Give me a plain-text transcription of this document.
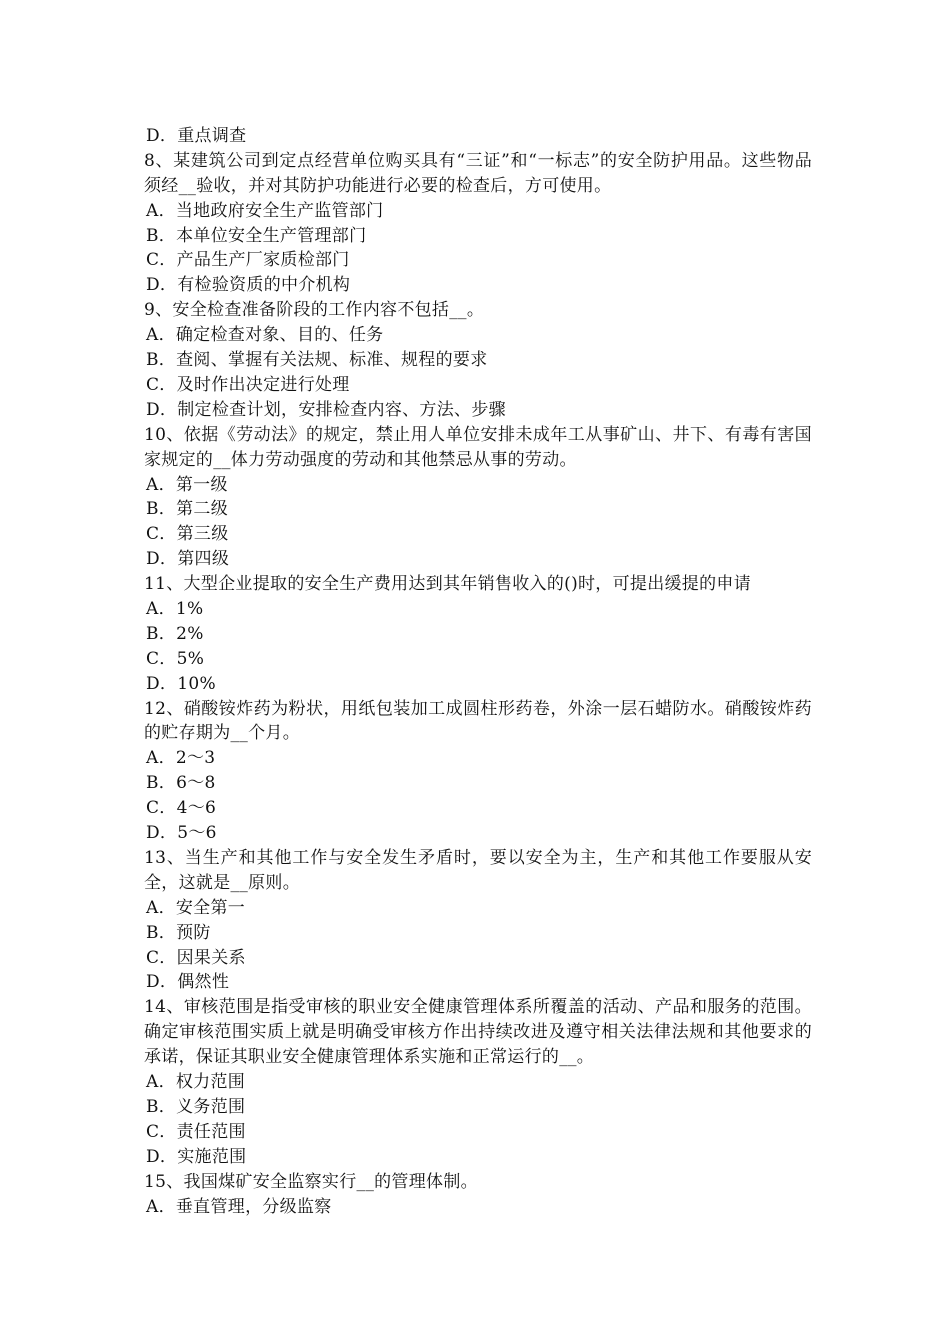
D．重点调查
8、某建筑公司到定点经营单位购买具有“三证”和“一标志”的安全防护用品。这些物品须经__验收，并对其防护功能进行必要的检查后，方可使用。
A．当地政府安全生产监管部门
B．本单位安全生产管理部门
C．产品生产厂家质检部门
D．有检验资质的中介机构
9、安全检查准备阶段的工作内容不包括__。
A．确定检查对象、目的、任务
B．查阅、掌握有关法规、标准、规程的要求
C．及时作出决定进行处理
D．制定检查计划，安排检查内容、方法、步骤
10、依据《劳动法》的规定，禁止用人单位安排未成年工从事矿山、井下、有毒有害国家规定的__体力劳动强度的劳动和其他禁忌从事的劳动。
A．第一级
B．第二级
C．第三级
D．第四级
11、大型企业提取的安全生产费用达到其年销售收入的()时，可提出缓提的申请
A．1%
B．2%
C．5%
D．10%
12、硝酸铵炸药为粉状，用纸包装加工成圆柱形药卷，外涂一层石蜡防水。硝酸铵炸药的贮存期为__个月。
A．2～3
B．6～8
C．4～6
D．5～6
13、当生产和其他工作与安全发生矛盾时，要以安全为主，生产和其他工作要服从安全，这就是__原则。
A．安全第一
B．预防
C．因果关系
D．偶然性
14、审核范围是指受审核的职业安全健康管理体系所覆盖的活动、产品和服务的范围。确定审核范围实质上就是明确受审核方作出持续改进及遵守相关法律法规和其他要求的承诺，保证其职业安全健康管理体系实施和正常运行的__。
A．权力范围
B．义务范围
C．责任范围
D．实施范围
15、我国煤矿安全监察实行__的管理体制。
A．垂直管理，分级监察
